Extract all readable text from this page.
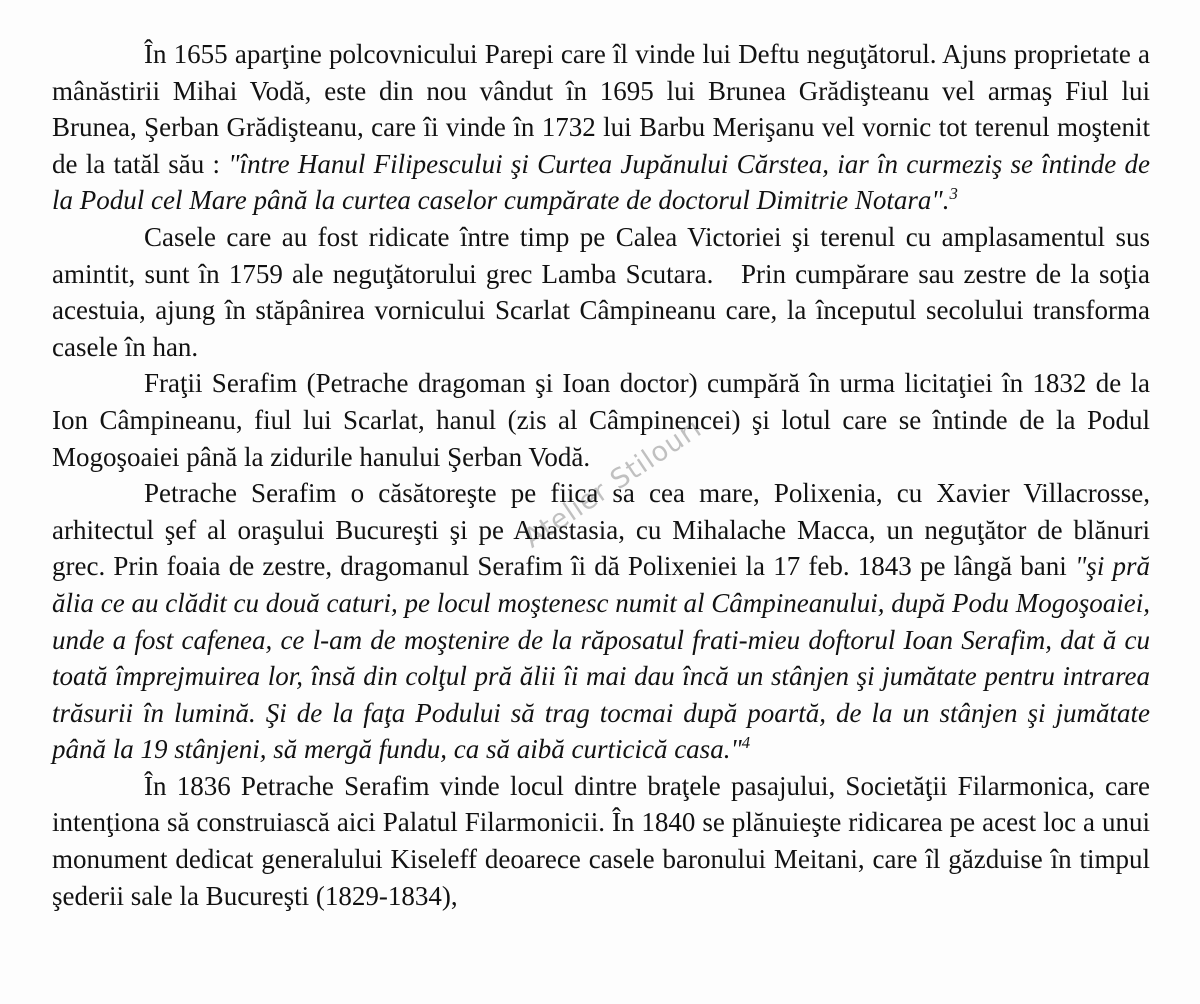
Atelier Stilouri

În 1655 aparţine polcovnicului Parepi care îl vinde lui Deftu neguţătorul. Ajuns proprietate a mânăstirii Mihai Vodă, este din nou vândut în 1695 lui Brunea Grădişteanu vel armaş Fiul lui Brunea, Şerban Grădişteanu, care îi vinde în 1732 lui Barbu Merişanu vel vornic tot terenul moştenit de la tatăl său : "între Hanul Filipescului şi Curtea Jupănului Cărstea, iar în curmeziş se întinde de la Podul cel Mare până la curtea caselor cumpărate de doctorul Dimitrie Notara".$^3$

Casele care au fost ridicate între timp pe Calea Victoriei şi terenul cu amplasamentul sus amintit, sunt în 1759 ale neguţătorului grec Lamba Scutara.   Prin cumpărare sau zestre de la soţia acestuia, ajung în stăpânirea vornicului Scarlat Câmpineanu care, la începutul secolului transforma casele în han.

Fraţii Serafim (Petrache dragoman şi Ioan doctor) cumpără în urma licitaţiei în 1832 de la Ion Câmpineanu, fiul lui Scarlat, hanul (zis al Câmpinencei) şi lotul care se întinde de la Podul Mogoşoaiei până la zidurile hanului Şerban Vodă.

Petrache Serafim o căsătoreşte pe fiica sa cea mare, Polixenia, cu Xavier Villacrosse, arhitectul şef al oraşului Bucureşti şi pe Anastasia, cu Mihalache Macca, un neguţător de blănuri grec. Prin foaia de zestre, dragomanul Serafim îi dă Polixeniei la 17 feb. 1843 pe lângă bani "şi pră ălia ce au clădit cu două caturi, pe locul moştenesc numit al Câmpineanului, după Podu Mogoşoaiei, unde a fost cafenea, ce l-am de moştenire de la răposatul frati-mieu doftorul Ioan Serafim, dat ă cu toată împrejmuirea lor, însă din colţul pră ălii îi mai dau încă un stânjen şi jumătate pentru intrarea trăsurii în lumină. Şi de la faţa Podului să trag tocmai după poartă, de la un stânjen şi jumătate până la 19 stânjeni, să mergă fundu, ca să aibă curticică casa."$^4$

În 1836 Petrache Serafim vinde locul dintre braţele pasajului, Societăţii Filarmonica, care intenţiona să construiască aici Palatul Filarmonicii. În 1840 se plănuieşte ridicarea pe acest loc a unui monument dedicat generalului Kiseleff deoarece casele baronului Meitani, care îl găzduise în timpul şederii sale la Bucureşti (1829-1834),
